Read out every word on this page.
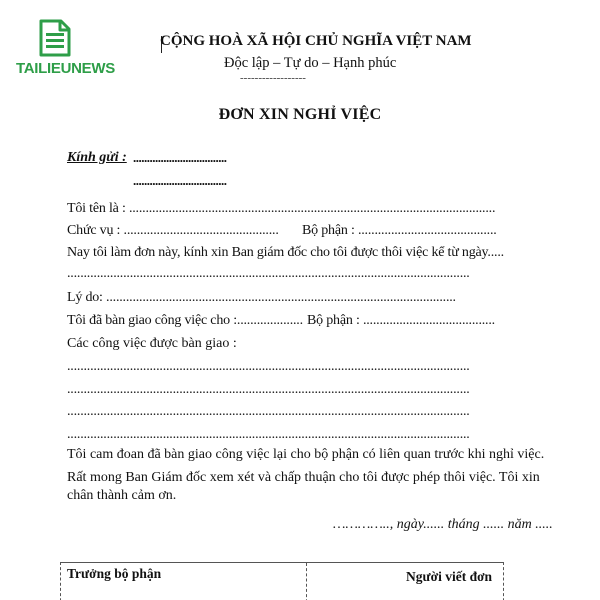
TAILIEUNEWS
CỘNG HOÀ XÃ HỘI CHỦ NGHĨA VIỆT NAM
Độc lập – Tự do – Hạnh phúc
------------------
ĐƠN XIN NGHỈ VIỆC
Kính gửi : ..................................
..................................
Tôi tên là : ...............................................................................................................
Chức vụ : ............................................... Bộ phận : ..........................................
Nay tôi làm đơn này, kính xin Ban giám đốc cho tôi được thôi việc kể từ ngày.....
..........................................................................................................................
Lý do: ..........................................................................................................
Tôi đã bàn giao công việc cho :.................... Bộ phận : ........................................
Các công việc được bàn giao :
..........................................................................................................................
..........................................................................................................................
..........................................................................................................................
..........................................................................................................................
Tôi cam đoan đã bàn giao công việc lại cho bộ phận có liên quan trước khi nghỉ việc.
Rất mong Ban Giám đốc xem xét và chấp thuận cho tôi được phép thôi việc. Tôi xin chân thành cảm ơn.
………….., ngày...... tháng ...... năm .....
Trưởng bộ phận	Người viết đơn
